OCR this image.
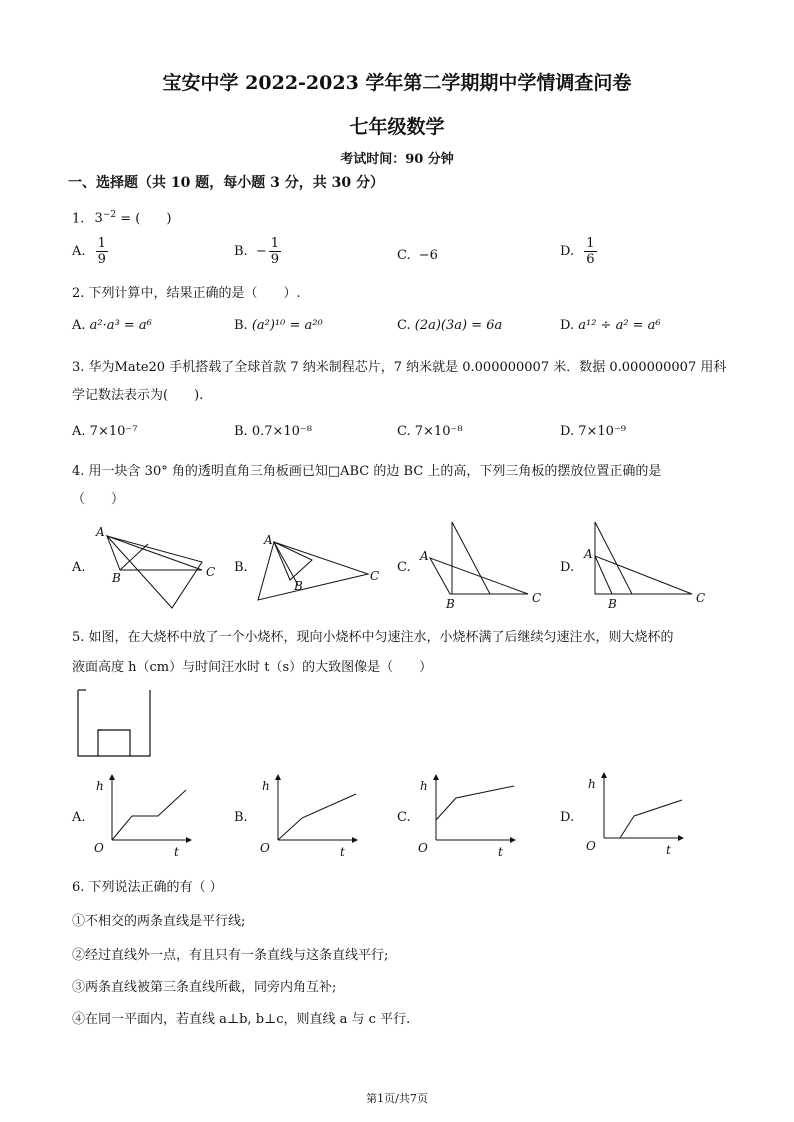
宝安中学 2022-2023 学年第二学期期中学情调查问卷
七年级数学
考试时间：90 分钟
一、选择题（共 10 题，每小题 3 分，共 30 分）
1. $3^{-2}$ = (　　)
A. $\frac{1}{9}$	B. − $\frac{1}{9}$	C. −6	D. $\frac{1}{6}$
2. 下列计算中，结果正确的是（　　）.
A. a²·a³ = a⁶	B. (a²)¹⁰ = a²⁰	C. (2a)(3a) = 6a	D. a¹² ÷ a² = a⁶
3. 华为Mate20 手机搭载了全球首款 7 纳米制程芯片，7 纳米就是 0.000000007 米．数据 0.000000007 用科
学记数法表示为(　　).
A. 7×10⁻⁷	B. 0.7×10⁻⁸	C. 7×10⁻⁸	D. 7×10⁻⁹
4. 用一块含 30° 角的透明直角三角板画已知□ABC 的边 BC 上的高，下列三角板的摆放位置正确的是
（　　）
A.
A
B	C B.
A
B
C
C.
A
B	C
D.
A
B	C
5. 如图，在大烧杯中放了一个小烧杯，现向小烧杯中匀速注水，小烧杯满了后继续匀速注水，则大烧杯的
液面高度 h（cm）与时间汪水时 t（s）的大致图像是（　　）
A.
h
t
O
B.
h
t
O
C.
h
t
O
D.
h
t
O
6. 下列说法正确的有（ ）
①不相交的两条直线是平行线;
②经过直线外一点，有且只有一条直线与这条直线平行;
③两条直线被第三条直线所截，同旁内角互补;
④在同一平面内，若直线 a⊥b, b⊥c，则直线 a 与 c 平行.
第1页/共7页
